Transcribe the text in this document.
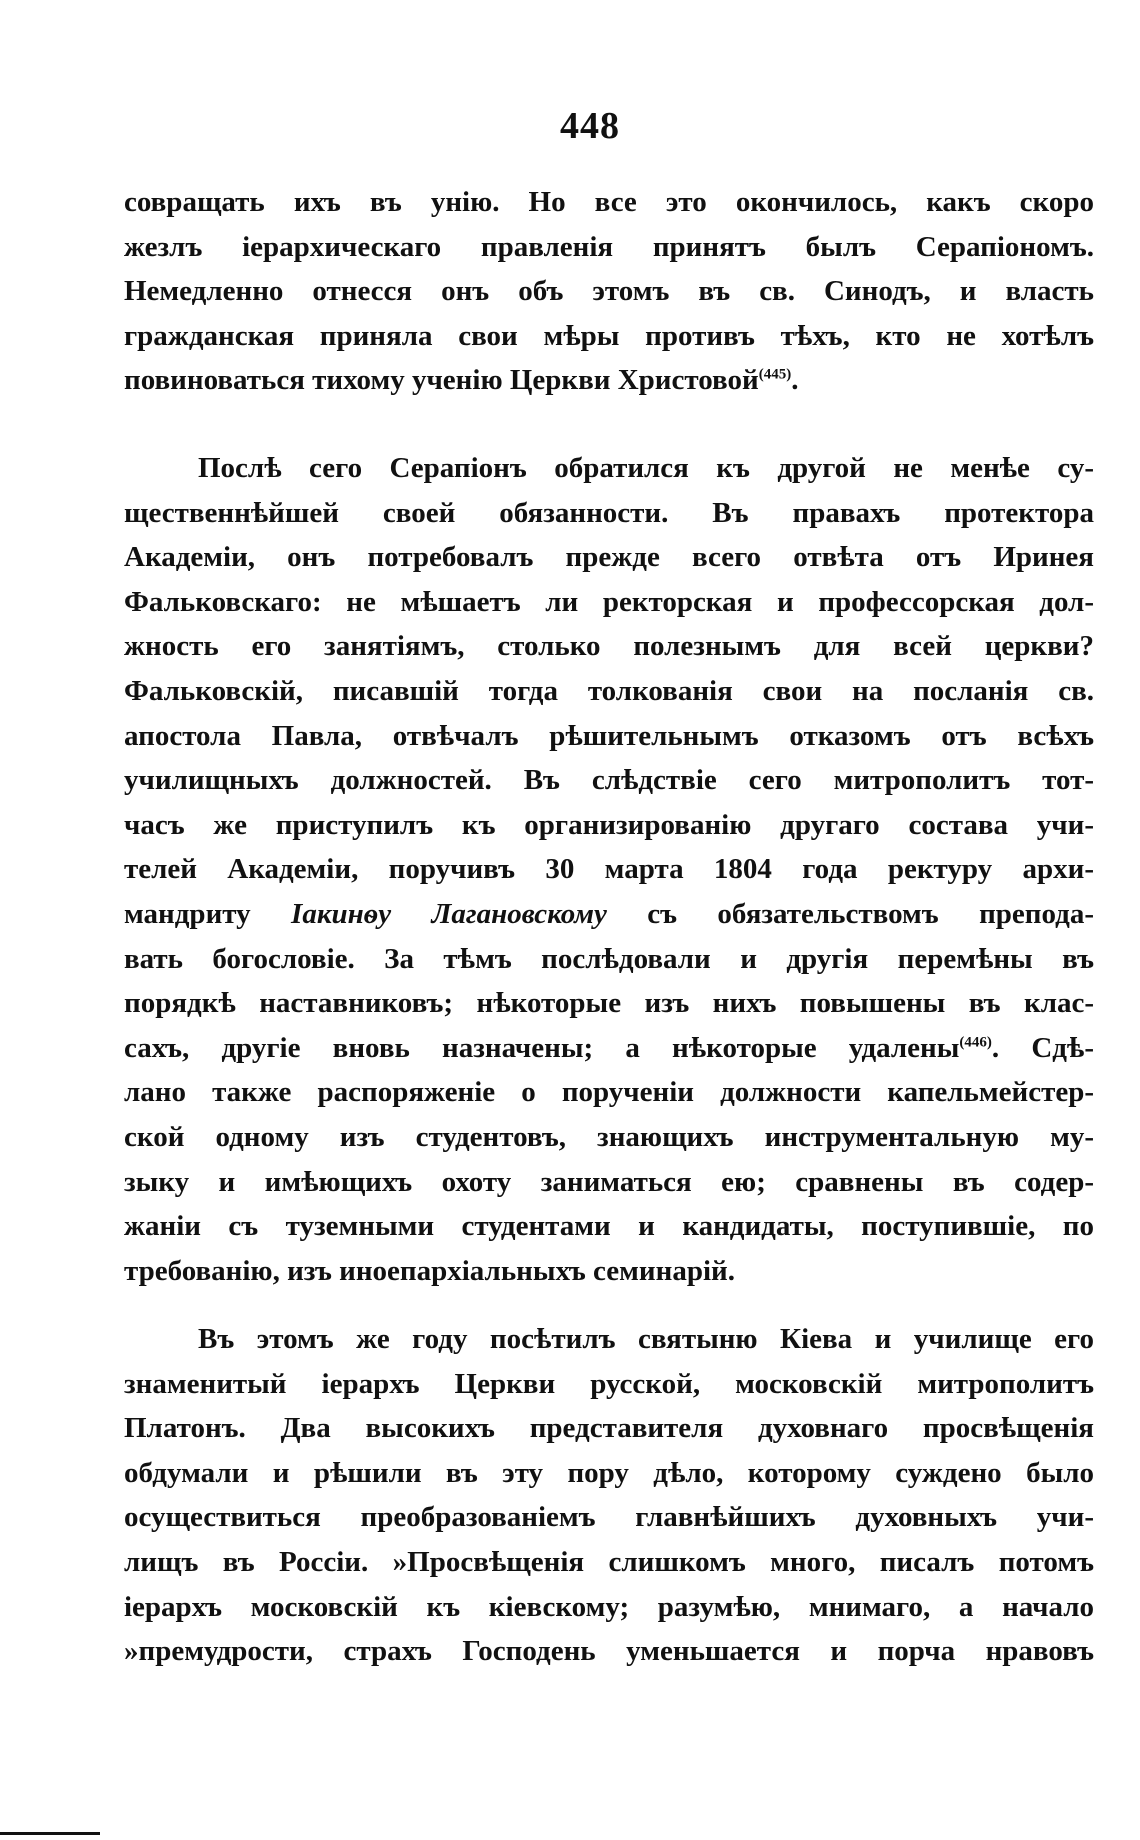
448
совращать ихъ въ унію. Но все это окончилось, какъ скоро
жезлъ іерархическаго правленія принятъ былъ Серапіономъ.
Немедленно отнесся онъ объ этомъ въ св. Синодъ, и власть
гражданская приняла свои мѣры противъ тѣхъ, кто не хотѣлъ
повиноваться тихому ученію Церкви Христовой$^{(445)}$.
Послѣ сего Серапіонъ обратился къ другой не менѣе су-
щественнѣйшей своей обязанности. Въ правахъ протектора
Академіи, онъ потребовалъ прежде всего отвѣта отъ Иринея
Фальковскаго: не мѣшаетъ ли ректорская и профессорская дол-
жность его занятіямъ, столько полезнымъ для всей церкви?
Фальковскій, писавшій тогда толкованія свои на посланія св.
апостола Павла, отвѣчалъ рѣшительнымъ отказомъ отъ всѣхъ
училищныхъ должностей. Въ слѣдствіе сего митрополитъ тот-
часъ же приступилъ къ организированію другаго состава учи-
телей Академіи, поручивъ 30 марта 1804 года ректуру архи-
мандриту Іакинѳу Лагановскому съ обязательствомъ препода-
вать богословіе. За тѣмъ послѣдовали и другія перемѣны въ
порядкѣ наставниковъ; нѣкоторые изъ нихъ повышены въ клас-
сахъ, другіе вновь назначены; а нѣкоторые удалены$^{(446)}$. Сдѣ-
лано также распоряженіе о порученіи должности капельмейстер-
ской одному изъ студентовъ, знающихъ инструментальную му-
зыку и имѣющихъ охоту заниматься ею; сравнены въ содер-
жаніи съ туземными студентами и кандидаты, поступившіе, по
требованію, изъ иноепархіальныхъ семинарій.
Въ этомъ же году посѣтилъ святыню Кіева и училище его
знаменитый іерархъ Церкви русской, московскій митрополитъ
Платонъ. Два высокихъ представителя духовнаго просвѣщенія
обдумали и рѣшили въ эту пору дѣло, которому суждено было
осуществиться преобразованіемъ главнѣйшихъ духовныхъ учи-
лищъ въ Россіи. »Просвѣщенія слишкомъ много, писалъ потомъ
іерархъ московскій къ кіевскому; разумѣю, мнимаго, а начало
»премудрости, страхъ Господень уменьшается и порча нравовъ
